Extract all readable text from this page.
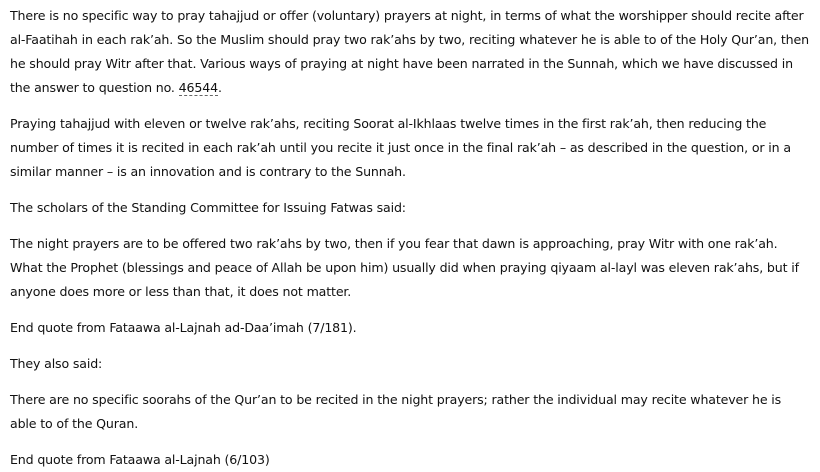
There is no specific way to pray tahajjud or offer (voluntary) prayers at night, in terms of what the worshipper should recite after al-Faatihah in each rak’ah. So the Muslim should pray two rak’ahs by two, reciting whatever he is able to of the Holy Qur’an, then he should pray Witr after that. Various ways of praying at night have been narrated in the Sunnah, which we have discussed in the answer to question no. 46544.

Praying tahajjud with eleven or twelve rak’ahs, reciting Soorat al-Ikhlaas twelve times in the first rak’ah, then reducing the number of times it is recited in each rak’ah until you recite it just once in the final rak’ah – as described in the question, or in a similar manner – is an innovation and is contrary to the Sunnah.

The scholars of the Standing Committee for Issuing Fatwas said:

The night prayers are to be offered two rak’ahs by two, then if you fear that dawn is approaching, pray Witr with one rak’ah. What the Prophet (blessings and peace of Allah be upon him) usually did when praying qiyaam al-layl was eleven rak’ahs, but if anyone does more or less than that, it does not matter.

End quote from Fataawa al-Lajnah ad-Daa’imah (7/181).

They also said:

There are no specific soorahs of the Qur’an to be recited in the night prayers; rather the individual may recite whatever he is able to of the Quran.

End quote from Fataawa al-Lajnah (6/103)
